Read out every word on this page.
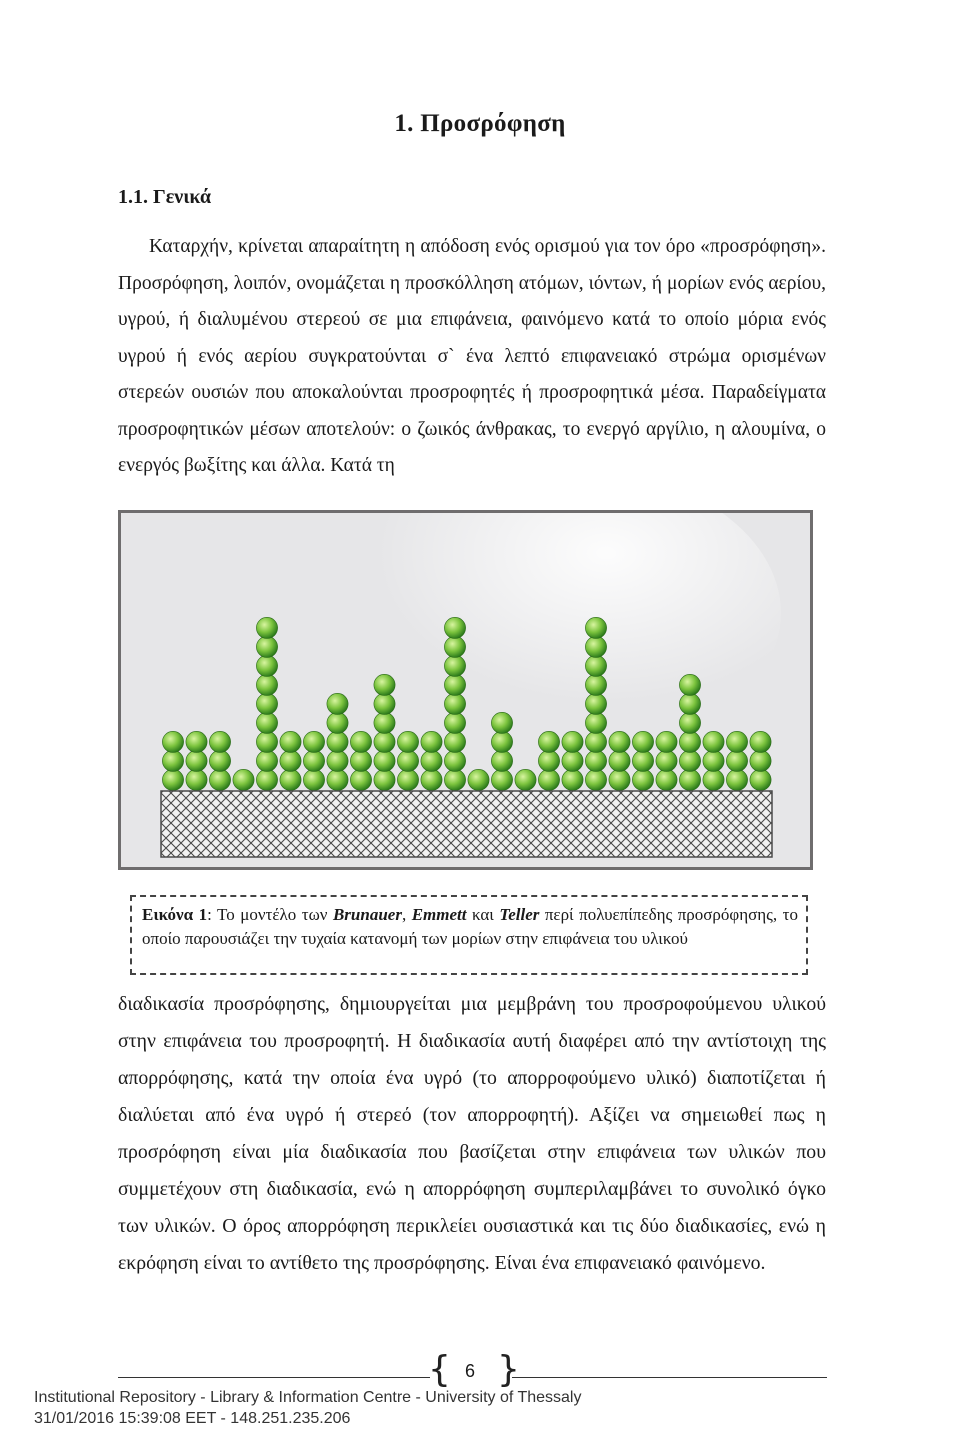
1. Προσρόφηση
1.1. Γενικά

Καταρχήν, κρίνεται απαραίτητη η απόδοση ενός ορισμού για τον όρο «προσρόφηση». Προσρόφηση, λοιπόν, ονομάζεται η προσκόλληση ατόμων, ιόντων, ή μορίων ενός αερίου, υγρού, ή διαλυμένου στερεού σε μια επιφάνεια, φαινόμενο κατά το οποίο μόρια ενός υγρού ή ενός αερίου συγκρατούνται σ` ένα λεπτό επιφανειακό στρώμα ορισμένων στερεών ουσιών που αποκαλούνται προσροφητές ή προσροφητικά μέσα. Παραδείγματα προσροφητικών μέσων αποτελούν: ο ζωικός άνθρακας, το ενεργό αργίλιο, η αλουμίνα, ο ενεργός βωξίτης και άλλα. Κατά τη

Εικόνα 1: Το μοντέλο των Brunauer, Emmett και Teller περί πολυεπίπεδης προσρόφησης, το οποίο παρουσιάζει την τυχαία κατανομή των μορίων στην επιφάνεια του υλικού

διαδικασία προσρόφησης, δημιουργείται μια μεμβράνη του προσροφούμενου υλικού στην επιφάνεια του προσροφητή. Η διαδικασία αυτή διαφέρει από την αντίστοιχη της απορρόφησης, κατά την οποία ένα υγρό (το απορροφούμενο υλικό) διαποτίζεται ή διαλύεται από ένα υγρό ή στερεό (τον απορροφητή). Αξίζει να σημειωθεί πως η προσρόφηση είναι μία διαδικασία που βασίζεται στην επιφάνεια των υλικών που συμμετέχουν στη διαδικασία, ενώ η απορρόφηση συμπεριλαμβάνει το συνολικό όγκο των υλικών. Ο όρος απορρόφηση περικλείει ουσιαστικά και τις δύο διαδικασίες, ενώ η εκρόφηση είναι το αντίθετο της προσρόφησης. Είναι ένα επιφανειακό φαινόμενο.

{ 6 }
Institutional Repository - Library & Information Centre - University of Thessaly
31/01/2016 15:39:08 EET - 148.251.235.206
